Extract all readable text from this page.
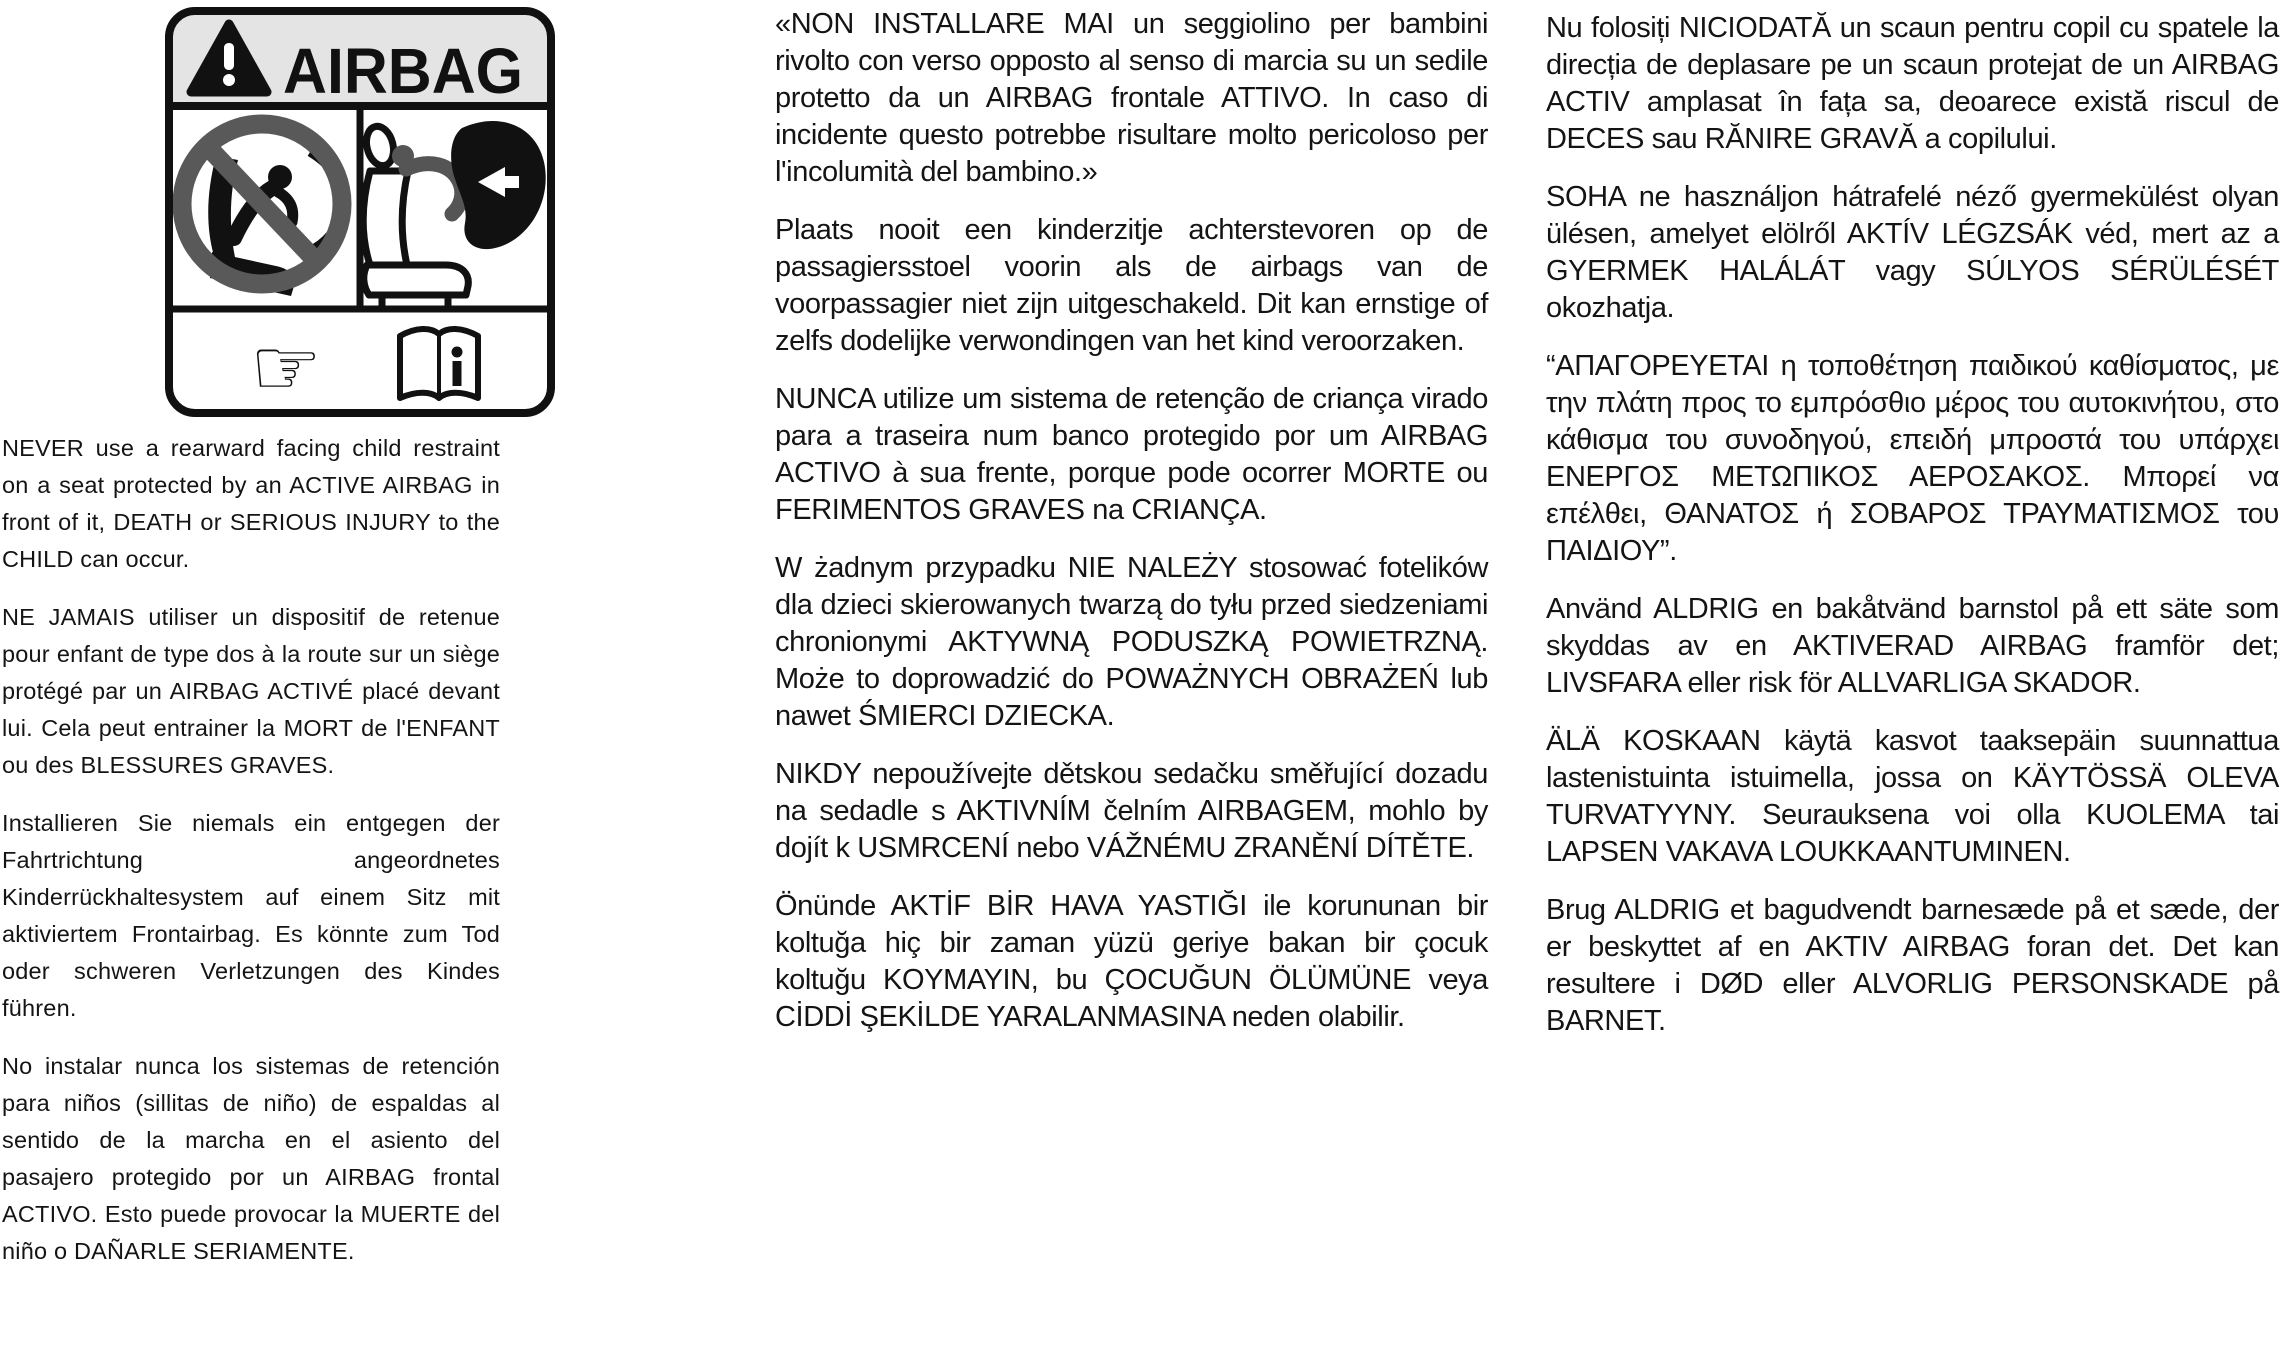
AIRBAG
☞

NEVER use a rearward facing child restraint on a seat protected by an ACTIVE AIRBAG in front of it, DEATH or SERIOUS INJURY to the CHILD can occur.

NE JAMAIS utiliser un dispositif de retenue pour enfant de type dos à la route sur un siège protégé par un AIRBAG ACTIVÉ placé devant lui. Cela peut entrainer la MORT de l'ENFANT ou des BLESSURES GRAVES.

Installieren Sie niemals ein entgegen der Fahrtrichtung angeordnetes Kinderrückhaltesystem auf einem Sitz mit aktiviertem Frontairbag. Es könnte zum Tod oder schweren Verletzungen des Kindes führen.

No instalar nunca los sistemas de retención para niños (sillitas de niño) de espaldas al sentido de la marcha en el asiento del pasajero protegido por un AIRBAG frontal ACTIVO. Esto puede provocar la MUERTE del niño o DAÑARLE SERIAMENTE.

«NON INSTALLARE MAI un seggiolino per bambini rivolto con verso opposto al senso di marcia su un sedile protetto da un AIRBAG frontale ATTIVO. In caso di incidente questo potrebbe risultare molto pericoloso per l'incolumità del bambino.»

Plaats nooit een kinderzitje achterstevoren op de passagiersstoel voorin als de airbags van de voorpassagier niet zijn uitgeschakeld. Dit kan ernstige of zelfs dodelijke verwondingen van het kind veroorzaken.

NUNCA utilize um sistema de retenção de criança virado para a traseira num banco protegido por um AIRBAG ACTIVO à sua frente, porque pode ocorrer MORTE ou FERIMENTOS GRAVES na CRIANÇA.

W żadnym przypadku NIE NALEŻY stosować fotelików dla dzieci skierowanych twarzą do tyłu przed siedzeniami chronionymi AKTYWNĄ PODUSZKĄ POWIETRZNĄ. Może to doprowadzić do POWAŻNYCH OBRAŻEŃ lub nawet ŚMIERCI DZIECKA.

NIKDY nepoužívejte dětskou sedačku směřující dozadu na sedadle s AKTIVNÍM čelním AIRBAGEM, mohlo by dojít k USMRCENÍ nebo VÁŽNÉMU ZRANĚNÍ DÍTĚTE.

Önünde AKTİF BİR HAVA YASTIĞI ile korununan bir koltuğa hiç bir zaman yüzü geriye bakan bir çocuk koltuğu KOYMAYIN, bu ÇOCUĞUN ÖLÜMÜNE veya CİDDİ ŞEKİLDE YARALANMASINA neden olabilir.

Nu folosiți NICIODATĂ un scaun pentru copil cu spatele la direcția de deplasare pe un scaun protejat de un AIRBAG ACTIV amplasat în fața sa, deoarece există riscul de DECES sau RĂNIRE GRAVĂ a copilului.

SOHA ne használjon hátrafelé néző gyermekülést olyan ülésen, amelyet elölről AKTÍV LÉGZSÁK véd, mert az a GYERMEK HALÁLÁT vagy SÚLYOS SÉRÜLÉSÉT okozhatja.

“ΑΠΑΓΟΡΕΥΕΤΑΙ η τοποθέτηση παιδικού καθίσματος, με την πλάτη προς το εμπρόσθιο μέρος του αυτοκινήτου, στο κάθισμα του συνοδηγού, επειδή μπροστά του υπάρχει ΕΝΕΡΓΟΣ ΜΕΤΩΠΙΚΟΣ ΑΕΡΟΣΑΚΟΣ. Μπορεί να επέλθει, ΘΑΝΑΤΟΣ ή ΣΟΒΑΡΟΣ ΤΡΑΥΜΑΤΙΣΜΟΣ του ΠΑΙΔΙΟΥ”.

Använd ALDRIG en bakåtvänd barnstol på ett säte som skyddas av en AKTIVERAD AIRBAG framför det; LIVSFARA eller risk för ALLVARLIGA SKADOR.

ÄLÄ KOSKAAN käytä kasvot taaksepäin suunnattua lastenistuinta istuimella, jossa on KÄYTÖSSÄ OLEVA TURVATYYNY. Seurauksena voi olla KUOLEMA tai LAPSEN VAKAVA LOUKKAANTUMINEN.

Brug ALDRIG et bagudvendt barnesæde på et sæde, der er beskyttet af en AKTIV AIRBAG foran det. Det kan resultere i DØD eller ALVORLIG PERSONSKADE på BARNET.
